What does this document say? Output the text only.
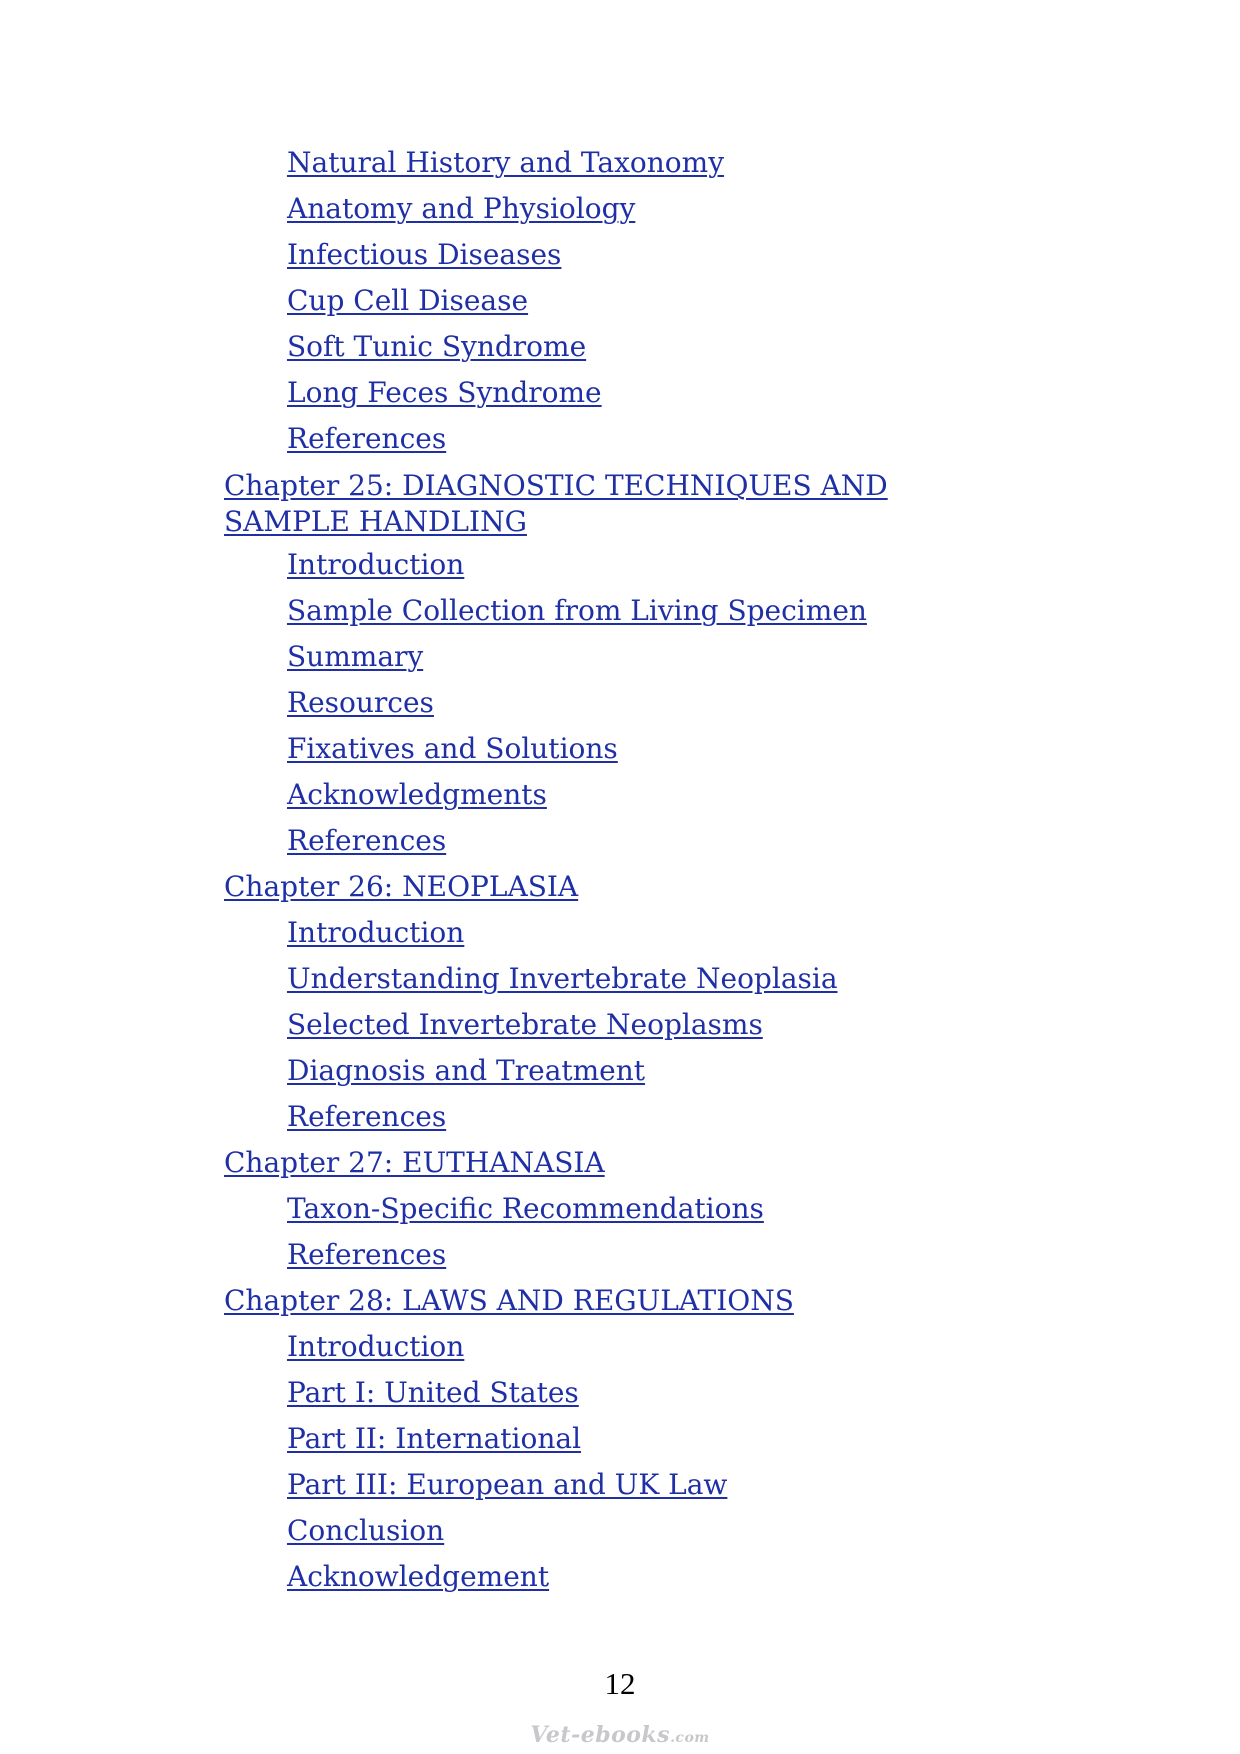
Natural History and Taxonomy
Anatomy and Physiology
Infectious Diseases
Cup Cell Disease
Soft Tunic Syndrome
Long Feces Syndrome
References
Chapter 25: DIAGNOSTIC TECHNIQUES AND SAMPLE HANDLING
Introduction
Sample Collection from Living Specimen
Summary
Resources
Fixatives and Solutions
Acknowledgments
References
Chapter 26: NEOPLASIA
Introduction
Understanding Invertebrate Neoplasia
Selected Invertebrate Neoplasms
Diagnosis and Treatment
References
Chapter 27: EUTHANASIA
Taxon-Specific Recommendations
References
Chapter 28: LAWS AND REGULATIONS
Introduction
Part I: United States
Part II: International
Part III: European and UK Law
Conclusion
Acknowledgement
12
Vet-ebooks.com
